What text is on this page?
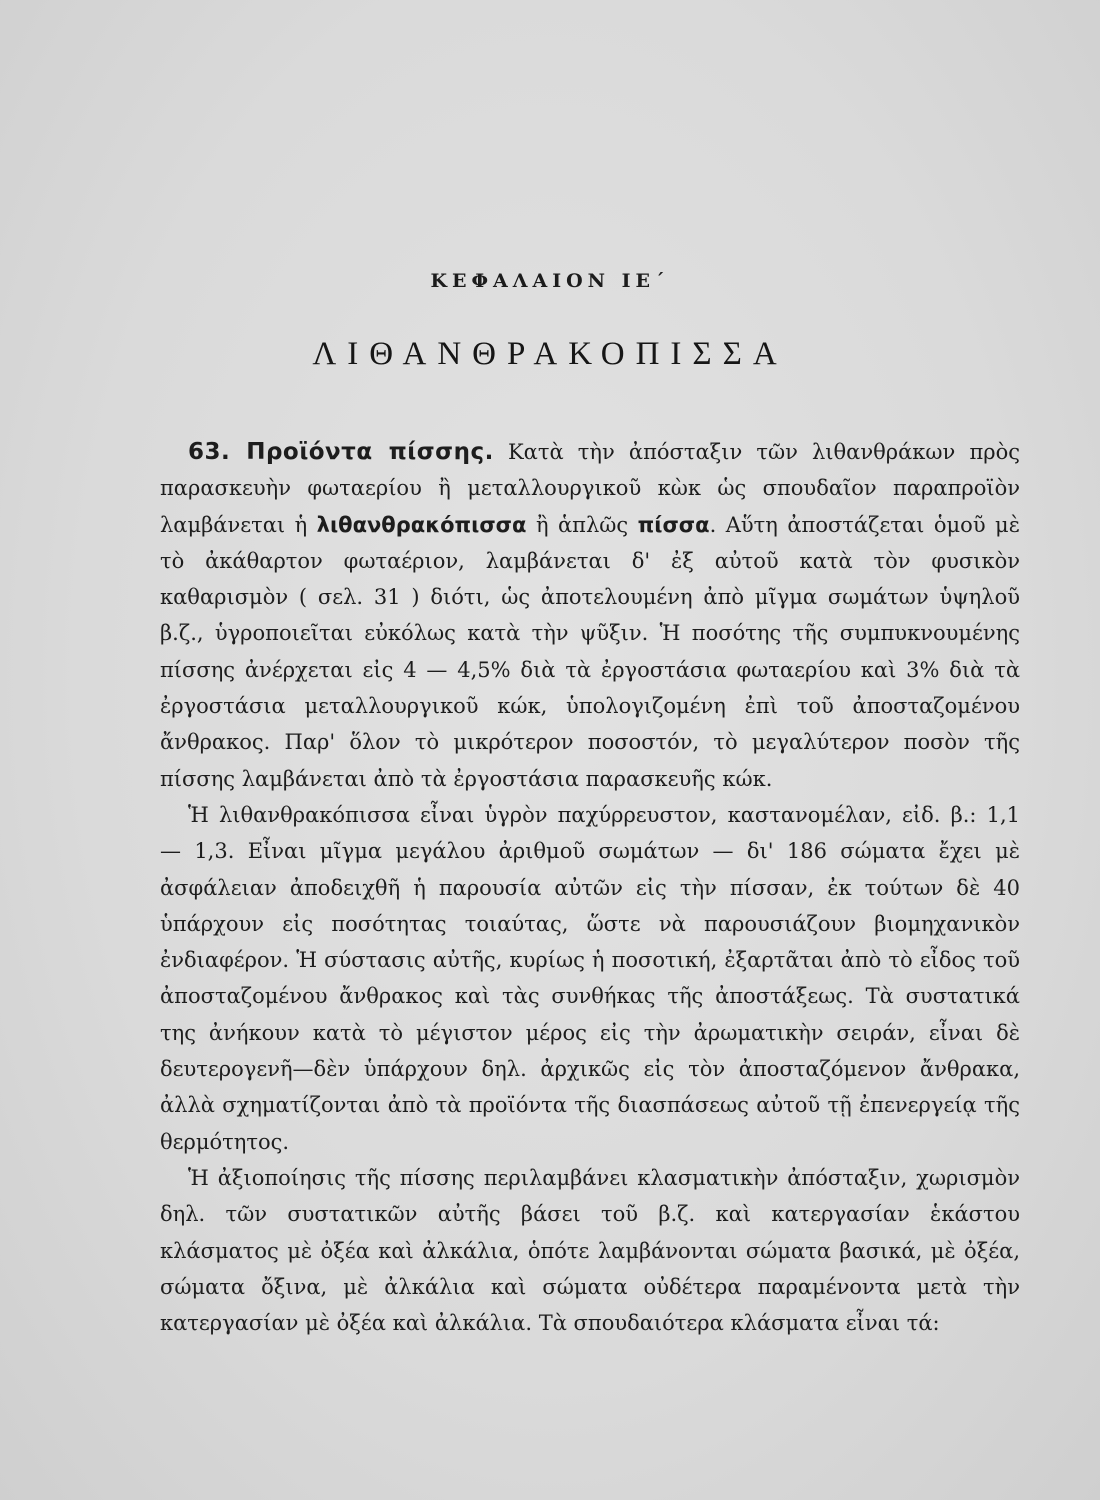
ΚΕΦΑΛΑΙΟΝ ΙΕ΄
ΛΙΘΑΝΘΡΑΚΟΠΙΣΣΑ

63. Προϊόντα πίσσης. Κατὰ τὴν ἀπόσταξιν τῶν λιθανθράκων πρὸς παρασκευὴν φωταερίου ἢ μεταλλουργικοῦ κὼκ ὡς σπουδαῖον παραπροϊὸν λαμβάνεται ἡ λιθανθρακόπισσα ἢ ἁπλῶς πίσσα. Αὕτη ἀποστάζεται ὁμοῦ μὲ τὸ ἀκάθαρτον φωταέριον, λαμβάνεται δ' ἐξ αὐτοῦ κατὰ τὸν φυσικὸν καθαρισμὸν ( σελ. 31 ) διότι, ὡς ἀποτελουμένη ἀπὸ μῖγμα σωμάτων ὑψηλοῦ β.ζ., ὑγροποιεῖται εὐκόλως κατὰ τὴν ψῦξιν. Ἡ ποσότης τῆς συμπυκνουμένης πίσσης ἀνέρχεται εἰς 4 — 4,5% διὰ τὰ ἐργοστάσια φωταερίου καὶ 3% διὰ τὰ ἐργοστάσια μεταλλουργικοῦ κώκ, ὑπολογιζομένη ἐπὶ τοῦ ἀποσταζομένου ἄνθρακος. Παρ' ὅλον τὸ μικρότερον ποσοστόν, τὸ μεγαλύτερον ποσὸν τῆς πίσσης λαμβάνεται ἀπὸ τὰ ἐργοστάσια παρασκευῆς κώκ.

Ἡ λιθανθρακόπισσα εἶναι ὑγρὸν παχύρρευστον, καστανομέλαν, εἰδ. β.: 1,1 — 1,3. Εἶναι μῖγμα μεγάλου ἀριθμοῦ σωμάτων — δι' 186 σώματα ἔχει μὲ ἀσφάλειαν ἀποδειχθῆ ἡ παρουσία αὐτῶν εἰς τὴν πίσσαν, ἐκ τούτων δὲ 40 ὑπάρχουν εἰς ποσότητας τοιαύτας, ὥστε νὰ παρουσιάζουν βιομηχανικὸν ἐνδιαφέρον. Ἡ σύστασις αὐτῆς, κυρίως ἡ ποσοτική, ἐξαρτᾶται ἀπὸ τὸ εἶδος τοῦ ἀποσταζομένου ἄνθρακος καὶ τὰς συνθήκας τῆς ἀποστάξεως. Τὰ συστατικά της ἀνήκουν κατὰ τὸ μέγιστον μέρος εἰς τὴν ἀρωματικὴν σειράν, εἶναι δὲ δευτερογενῆ—δὲν ὑπάρχουν δηλ. ἀρχικῶς εἰς τὸν ἀποσταζόμενον ἄνθρακα, ἀλλὰ σχηματίζονται ἀπὸ τὰ προϊόντα τῆς διασπάσεως αὐτοῦ τῇ ἐπενεργείᾳ τῆς θερμότητος.

Ἡ ἀξιοποίησις τῆς πίσσης περιλαμβάνει κλασματικὴν ἀπόσταξιν, χωρισμὸν δηλ. τῶν συστατικῶν αὐτῆς βάσει τοῦ β.ζ. καὶ κατεργασίαν ἑκάστου κλάσματος μὲ ὀξέα καὶ ἀλκάλια, ὁπότε λαμβάνονται σώματα βασικά, μὲ ὀξέα, σώματα ὄξινα, μὲ ἀλκάλια καὶ σώματα οὐδέτερα παραμένοντα μετὰ τὴν κατεργασίαν μὲ ὀξέα καὶ ἀλκάλια. Τὰ σπουδαιότερα κλάσματα εἶναι τά:
